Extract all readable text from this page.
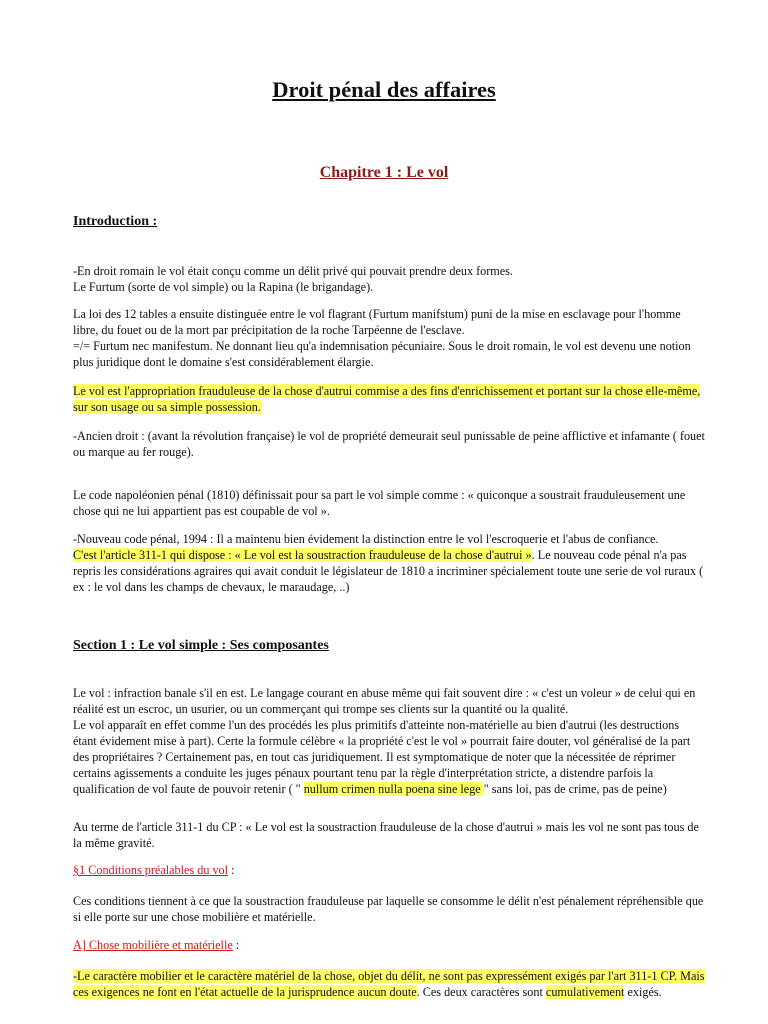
Droit pénal des affaires
Chapitre 1 : Le vol
Introduction :
-En droit romain le vol était conçu comme un délit privé qui pouvait prendre deux formes.
Le Furtum (sorte de vol simple) ou la Rapina (le brigandage).
La loi des 12 tables a ensuite distinguée entre le vol flagrant (Furtum manifstum) puni de la mise en esclavage pour l'homme libre, du fouet ou de la mort par précipitation de la roche Tarpéenne de l'esclave.
=/= Furtum nec manifestum. Ne donnant lieu qu'a indemnisation pécuniaire. Sous le droit romain, le vol est devenu une notion plus juridique dont le domaine s'est considérablement élargie.
Le vol est l'appropriation frauduleuse de la chose d'autrui commise a des fins d'enrichissement et portant sur la chose elle-même, sur son usage ou sa simple possession.
-Ancien droit : (avant la révolution française) le vol de propriété demeurait seul punissable de peine afflictive et infamante ( fouet ou marque au fer rouge).
Le code napoléonien pénal (1810) définissait pour sa part le vol simple comme : « quiconque a soustrait frauduleusement une chose qui ne lui appartient pas est coupable de vol ».
-Nouveau code pénal, 1994 : Il a maintenu bien évidement la distinction entre le vol l'escroquerie et l'abus de confiance.
C'est l'article 311-1 qui dispose : « Le vol est la soustraction frauduleuse de la chose d'autrui ». Le nouveau code pénal n'a pas repris les considérations agraires qui avait conduit le législateur de 1810 a incriminer spécialement toute une serie de vol ruraux ( ex : le vol dans les champs de chevaux, le maraudage, ..)
Section 1 : Le vol simple : Ses composantes
Le vol : infraction banale s'il en est. Le langage courant en abuse même qui fait souvent dire : « c'est un voleur » de celui qui en réalité est un escroc, un usurier, ou un commerçant qui trompe ses clients sur la quantité ou la qualité.
Le vol apparaît en effet comme l'un des procédés les plus primitifs d'atteinte non-matérielle au bien d'autrui (les destructions étant évidement mise à part). Certe la formule célèbre « la propriété c'est le vol » pourrait faire douter, vol généralisé de la part des propriétaires ? Certainement pas, en tout cas juridiquement. Il est symptomatique de noter que la nécessitée de réprimer certains agissements a conduite les juges pénaux pourtant tenu par la règle d'interprétation stricte, a distendre parfois la qualification de vol faute de pouvoir retenir ( " nullum crimen nulla poena sine lege " sans loi, pas de crime, pas de peine)
Au terme de l'article 311-1 du CP : « Le vol est la soustraction frauduleuse de la chose d'autrui » mais les vol ne sont pas tous de la même gravité.
§1 Conditions préalables du vol :
Ces conditions tiennent à ce que la soustraction frauduleuse par laquelle se consomme le délit n'est pénalement répréhensible que si elle porte sur une chose mobilière et matérielle.
A] Chose mobilière et matérielle :
-Le caractère mobilier et le caractère matériel de la chose, objet du délit, ne sont pas expressément exigés par l'art 311-1 CP. Mais ces exigences ne font en l'état actuelle de la jurisprudence aucun doute. Ces deux caractères sont cumulativement exigés.
